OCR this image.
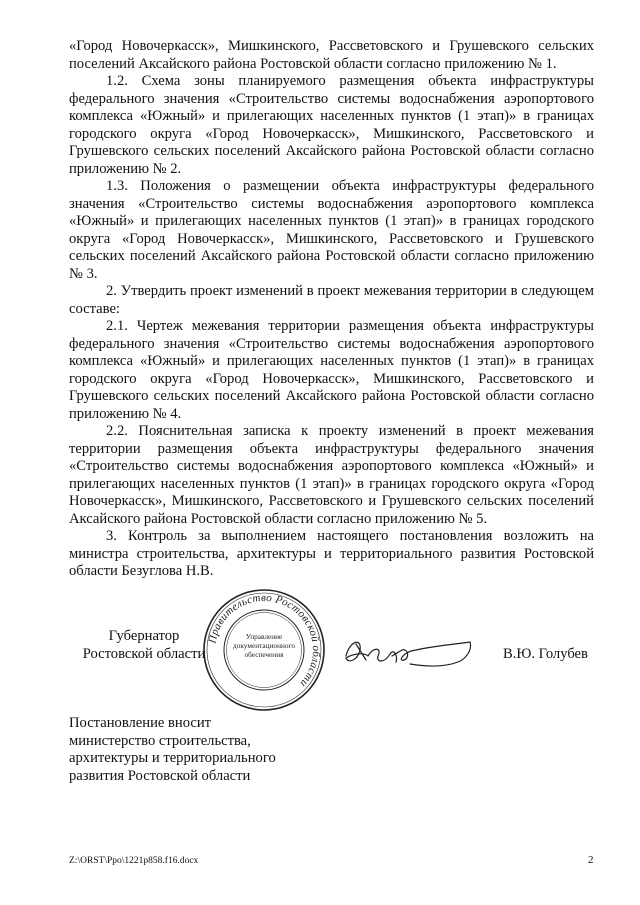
«Город Новочеркасск», Мишкинского, Рассветовского и Грушевского сельских поселений Аксайского района Ростовской области согласно приложению № 1.

1.2. Схема зоны планируемого размещения объекта инфраструктуры федерального значения «Строительство системы водоснабжения аэропортового комплекса «Южный» и прилегающих населенных пунктов (1 этап)» в границах городского округа «Город Новочеркасск», Мишкинского, Рассветовского и Грушевского сельских поселений Аксайского района Ростовской области согласно приложению № 2.

1.3. Положения о размещении объекта инфраструктуры федерального значения «Строительство системы водоснабжения аэропортового комплекса «Южный» и прилегающих населенных пунктов (1 этап)» в границах городского округа «Город Новочеркасск», Мишкинского, Рассветовского и Грушевского сельских поселений Аксайского района Ростовской области согласно приложению № 3.

2. Утвердить проект изменений в проект межевания территории в следующем составе:

2.1. Чертеж межевания территории размещения объекта инфраструктуры федерального значения «Строительство системы водоснабжения аэропортового комплекса «Южный» и прилегающих населенных пунктов (1 этап)» в границах городского округа «Город Новочеркасск», Мишкинского, Рассветовского и Грушевского сельских поселений Аксайского района Ростовской области согласно приложению № 4.

2.2. Пояснительная записка к проекту изменений в проект межевания территории размещения объекта инфраструктуры федерального значения «Строительство системы водоснабжения аэропортового комплекса «Южный» и прилегающих населенных пунктов (1 этап)» в границах городского округа «Город Новочеркасск», Мишкинского, Рассветовского и Грушевского сельских поселений Аксайского района Ростовской области согласно приложению № 5.

3. Контроль за выполнением настоящего постановления возложить на министра строительства, архитектуры и территориального развития Ростовской области Безуглова Н.В.

Губернатор
Ростовской области
Правительство Ростовской области
Управление
документационного
обеспечения	В.Ю. Голубев
Постановление вносит
министерство строительства,
архитектуры и территориального
развития Ростовской области
Z:\ORST\Ppo\1221p858.f16.docx	2
